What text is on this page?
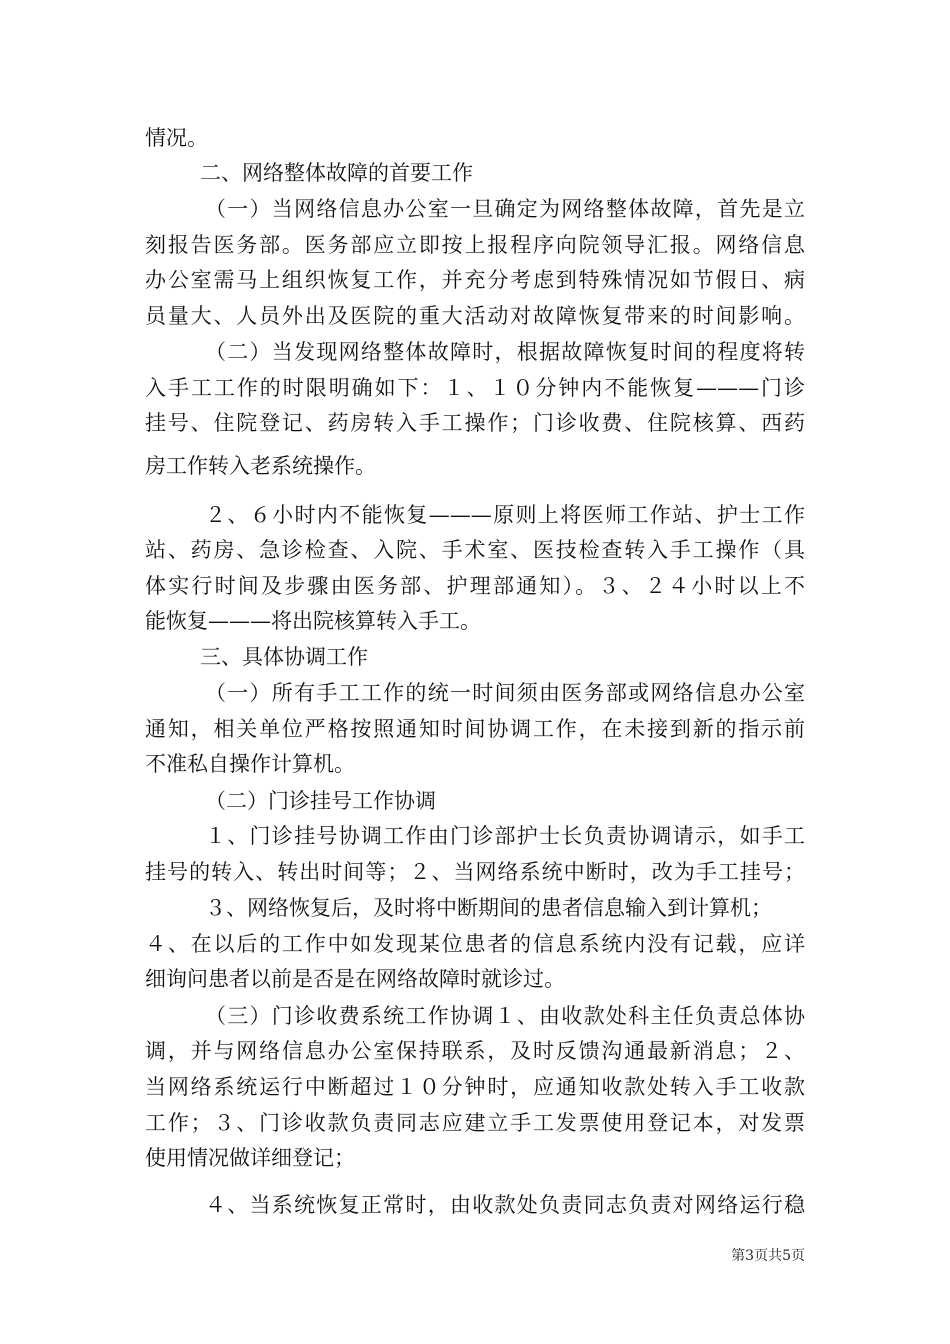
情况。
二、网络整体故障的首要工作
（一）当网络信息办公室一旦确定为网络整体故障，首先是立
刻报告医务部。医务部应立即按上报程序向院领导汇报。网络信息
办公室需马上组织恢复工作，并充分考虑到特殊情况如节假日、病
员量大、人员外出及医院的重大活动对故障恢复带来的时间影响。
（二）当发现网络整体故障时，根据故障恢复时间的程度将转
入手工工作的时限明确如下：１、１０分钟内不能恢复———门诊
挂号、住院登记、药房转入手工操作；门诊收费、住院核算、西药
房工作转入老系统操作。
２、６小时内不能恢复———原则上将医师工作站、护士工作
站、药房、急诊检查、入院、手术室、医技检查转入手工操作（具
体实行时间及步骤由医务部、护理部通知）。３、２４小时以上不
能恢复———将出院核算转入手工。
三、具体协调工作
（一）所有手工工作的统一时间须由医务部或网络信息办公室
通知，相关单位严格按照通知时间协调工作，在未接到新的指示前
不准私自操作计算机。
（二）门诊挂号工作协调
１、门诊挂号协调工作由门诊部护士长负责协调请示，如手工
挂号的转入、转出时间等；２、当网络系统中断时，改为手工挂号；
３、网络恢复后，及时将中断期间的患者信息输入到计算机；
４、在以后的工作中如发现某位患者的信息系统内没有记载，应详
细询问患者以前是否是在网络故障时就诊过。
（三）门诊收费系统工作协调１、由收款处科主任负责总体协
调，并与网络信息办公室保持联系，及时反馈沟通最新消息；２、
当网络系统运行中断超过１０分钟时，应通知收款处转入手工收款
工作；３、门诊收款负责同志应建立手工发票使用登记本，对发票
使用情况做详细登记；
４、当系统恢复正常时，由收款处负责同志负责对网络运行稳
第3页共5页
